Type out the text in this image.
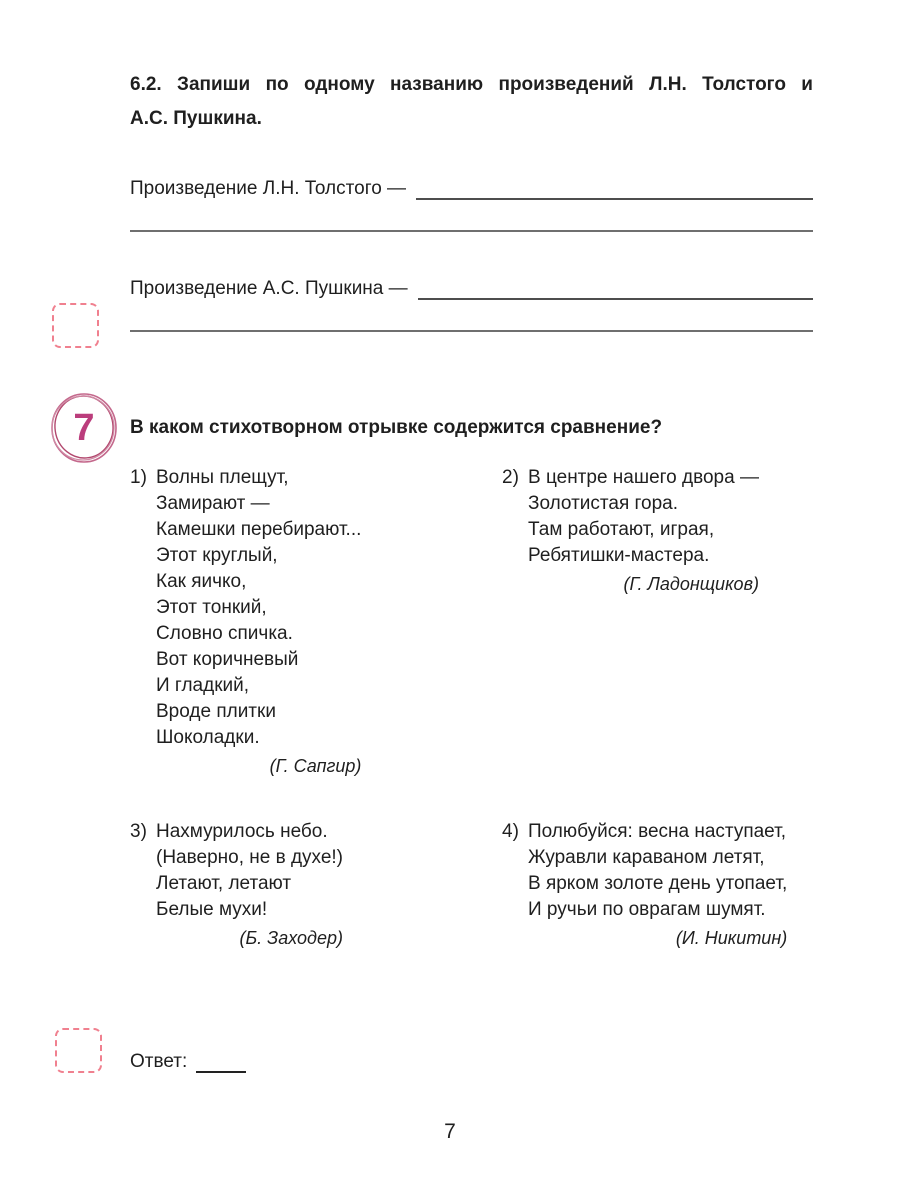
7
6.2. Запиши по одному названию произведений Л.Н. Толстого и
А.С. Пушкина.
Произведение Л.Н. Толстого —
Произведение А.С. Пушкина —
В каком стихотворном отрывке содержится сравнение?
1) Волны плещут,
Замирают —
Камешки перебирают...
Этот круглый,
Как яичко,
Этот тонкий,
Словно спичка.
Вот коричневый
И гладкий,
Вроде плитки
Шоколадки.
(Г. Сапгир)
2) В центре нашего двора —
Золотистая гора.
Там работают, играя,
Ребятишки-мастера.
(Г. Ладонщиков)
3) Нахмурилось небо.
(Наверно, не в духе!)
Летают, летают
Белые мухи!
(Б. Заходер)
4) Полюбуйся: весна наступает,
Журавли караваном летят,
В ярком золоте день утопает,
И ручьи по оврагам шумят.
(И. Никитин)
Ответ:
7
